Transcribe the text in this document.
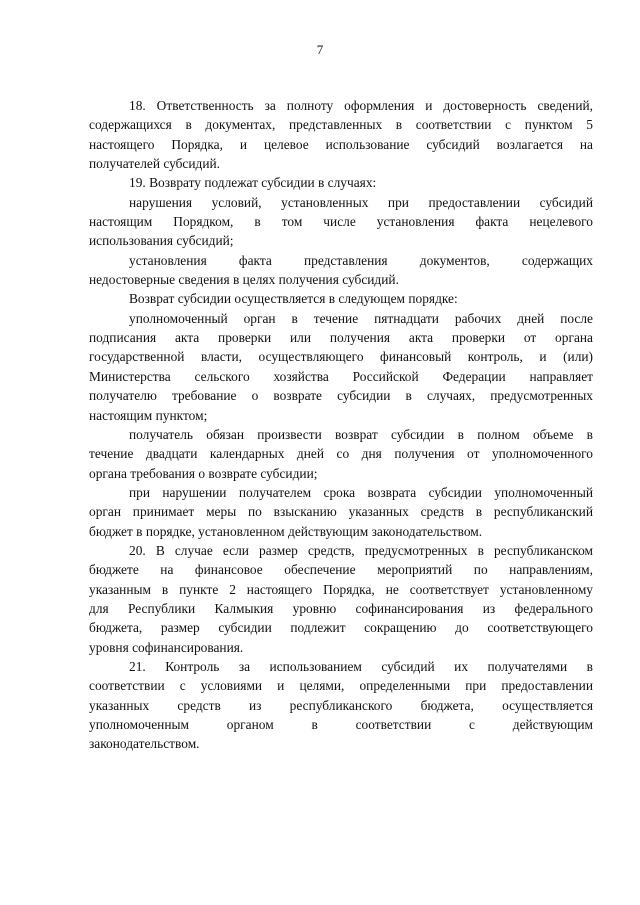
7
18. Ответственность за полноту оформления и достоверность сведений,
содержащихся в документах, представленных в соответствии с пунктом 5
настоящего Порядка, и целевое использование субсидий возлагается на
получателей субсидий.
19. Возврату подлежат субсидии в случаях:
нарушения условий, установленных при предоставлении субсидий
настоящим Порядком, в том числе установления факта нецелевого
использования субсидий;
установления факта представления документов, содержащих
недостоверные сведения в целях получения субсидий.
Возврат субсидии осуществляется в следующем порядке:
уполномоченный орган в течение пятнадцати рабочих дней после
подписания акта проверки или получения акта проверки от органа
государственной власти, осуществляющего финансовый контроль, и (или)
Министерства сельского хозяйства Российской Федерации направляет
получателю требование о возврате субсидии в случаях, предусмотренных
настоящим пунктом;
получатель обязан произвести возврат субсидии в полном объеме в
течение двадцати календарных дней со дня получения от уполномоченного
органа требования о возврате субсидии;
при нарушении получателем срока возврата субсидии уполномоченный
орган принимает меры по взысканию указанных средств в республиканский
бюджет в порядке, установленном действующим законодательством.
20. В случае если размер средств, предусмотренных в республиканском
бюджете на финансовое обеспечение мероприятий по направлениям,
указанным в пункте 2 настоящего Порядка, не соответствует установленному
для Республики Калмыкия уровню софинансирования из федерального
бюджета, размер субсидии подлежит сокращению до соответствующего
уровня софинансирования.
21. Контроль за использованием субсидий их получателями в
соответствии с условиями и целями, определенными при предоставлении
указанных средств из республиканского бюджета, осуществляется
уполномоченным органом в соответствии с действующим
законодательством.
